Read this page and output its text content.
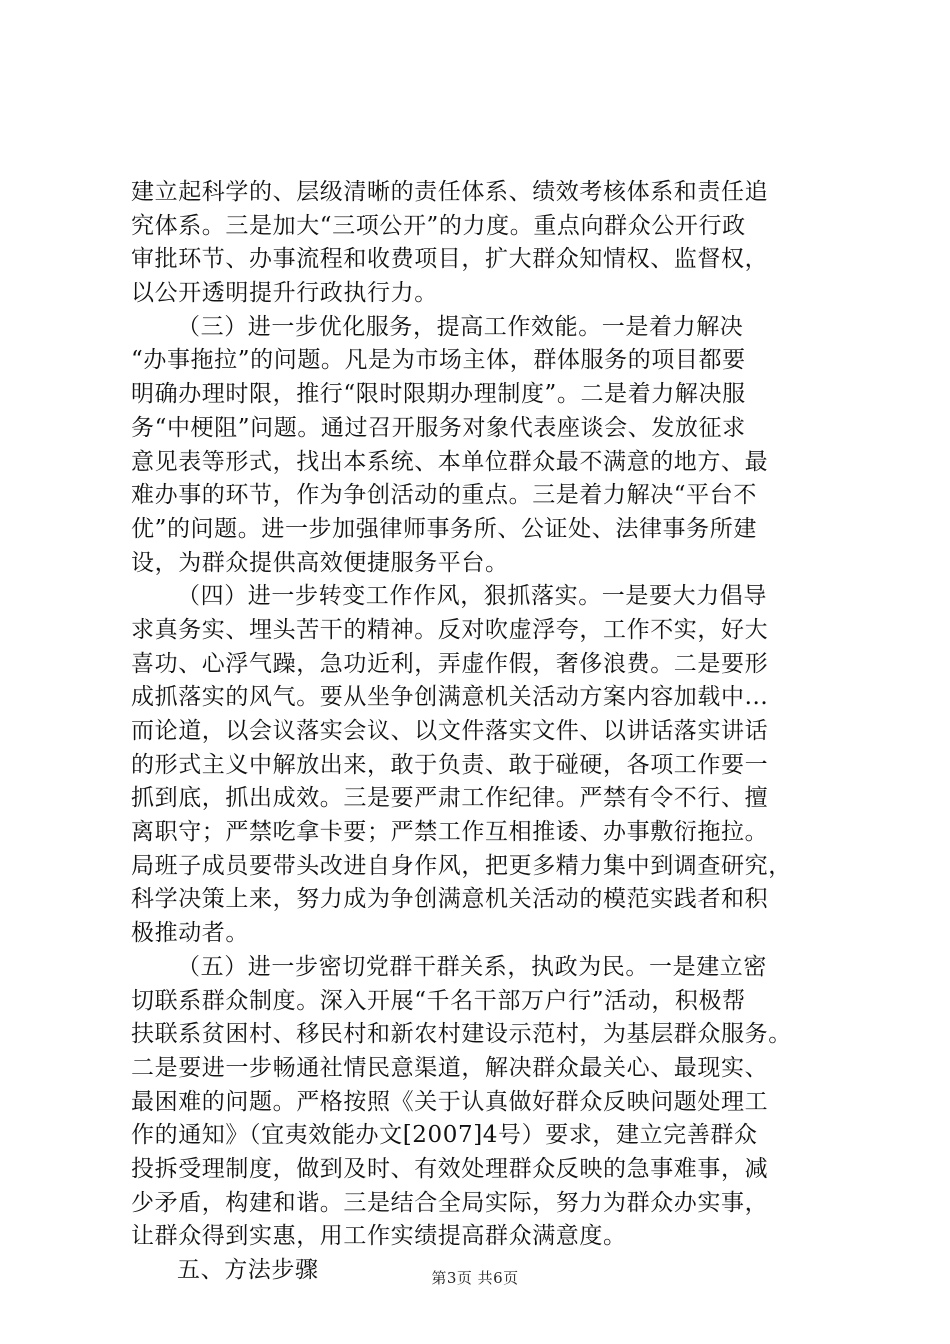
建立起科学的、层级清晰的责任体系、绩效考核体系和责任追
究体系。三是加大“三项公开”的力度。重点向群众公开行政
审批环节、办事流程和收费项目，扩大群众知情权、监督权，
以公开透明提升行政执行力。
（三）进一步优化服务，提高工作效能。一是着力解决
“办事拖拉”的问题。凡是为市场主体，群体服务的项目都要
明确办理时限，推行“限时限期办理制度”。二是着力解决服
务“中梗阻”问题。通过召开服务对象代表座谈会、发放征求
意见表等形式，找出本系统、本单位群众最不满意的地方、最
难办事的环节，作为争创活动的重点。三是着力解决“平台不
优”的问题。进一步加强律师事务所、公证处、法律事务所建
设，为群众提供高效便捷服务平台。
（四）进一步转变工作作风，狠抓落实。一是要大力倡导
求真务实、埋头苦干的精神。反对吹虚浮夸，工作不实，好大
喜功、心浮气躁，急功近利，弄虚作假，奢侈浪费。二是要形
成抓落实的风气。要从坐争创满意机关活动方案内容加载中...
而论道，以会议落实会议、以文件落实文件、以讲话落实讲话
的形式主义中解放出来，敢于负责、敢于碰硬，各项工作要一
抓到底，抓出成效。三是要严肃工作纪律。严禁有令不行、擅
离职守；严禁吃拿卡要；严禁工作互相推诿、办事敷衍拖拉。
局班子成员要带头改进自身作风，把更多精力集中到调查研究，
科学决策上来，努力成为争创满意机关活动的模范实践者和积
极推动者。
（五）进一步密切党群干群关系，执政为民。一是建立密
切联系群众制度。深入开展“千名干部万户行”活动，积极帮
扶联系贫困村、移民村和新农村建设示范村，为基层群众服务。
二是要进一步畅通社情民意渠道，解决群众最关心、最现实、
最困难的问题。严格按照《关于认真做好群众反映问题处理工
作的通知》（宜夷效能办文[2007]4号）要求，建立完善群众
投拆受理制度，做到及时、有效处理群众反映的急事难事，减
少矛盾，构建和谐。三是结合全局实际，努力为群众办实事，
让群众得到实惠，用工作实绩提高群众满意度。
五、方法步骤	第3页 共6页
